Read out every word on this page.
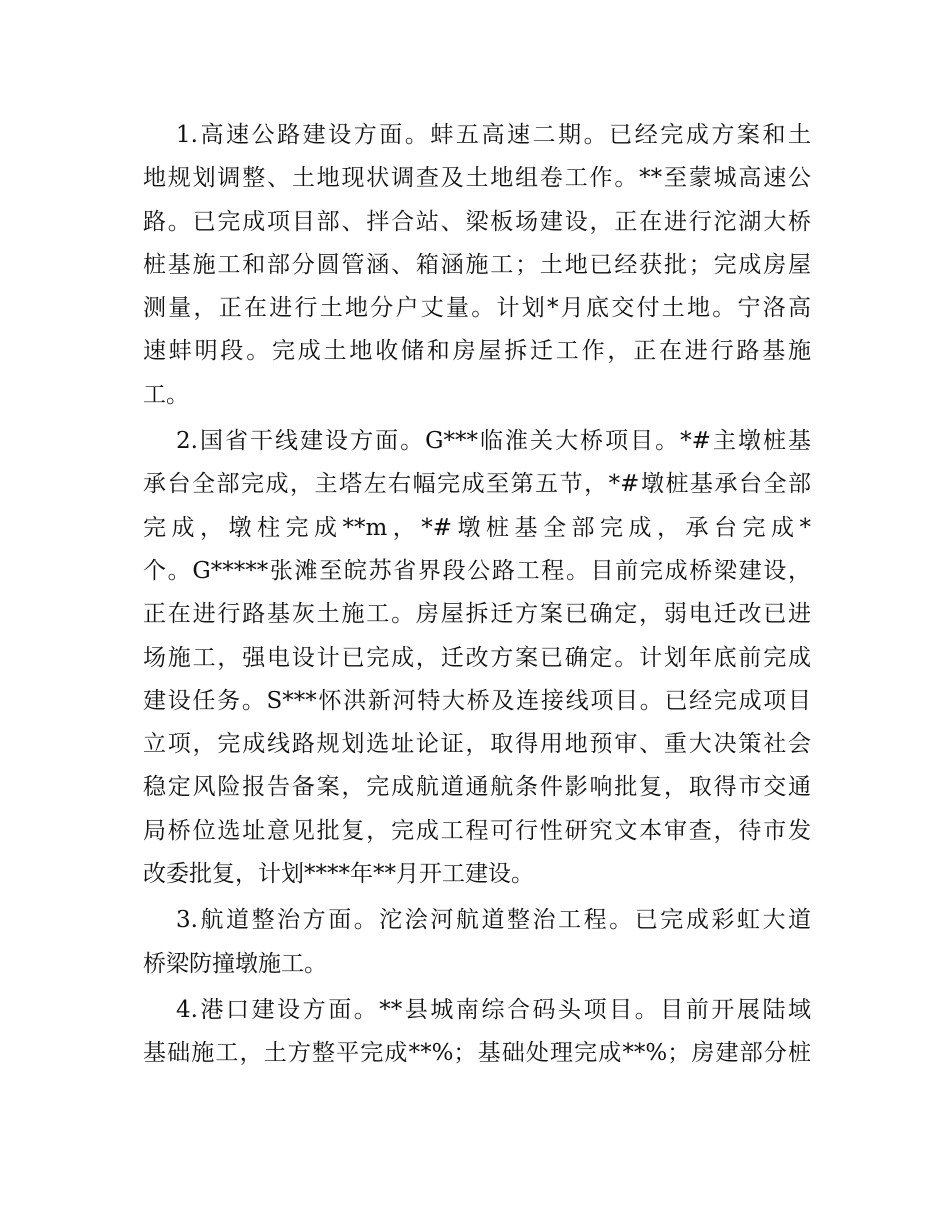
1.高速公路建设方面。蚌五高速二期。已经完成方案和土
地规划调整、土地现状调查及土地组卷工作。**至蒙城高速公
路。已完成项目部、拌合站、梁板场建设，正在进行沱湖大桥
桩基施工和部分圆管涵、箱涵施工；土地已经获批；完成房屋
测量，正在进行土地分户丈量。计划*月底交付土地。宁洛高
速蚌明段。完成土地收储和房屋拆迁工作，正在进行路基施
工。
2.国省干线建设方面。G***临淮关大桥项目。*#主墩桩基
承台全部完成，主塔左右幅完成至第五节，*#墩桩基承台全部
完成，墩柱完成**m，*#墩桩基全部完成，承台完成*
个。G*****张滩至皖苏省界段公路工程。目前完成桥梁建设，
正在进行路基灰土施工。房屋拆迁方案已确定，弱电迁改已进
场施工，强电设计已完成，迁改方案已确定。计划年底前完成
建设任务。S***怀洪新河特大桥及连接线项目。已经完成项目
立项，完成线路规划选址论证，取得用地预审、重大决策社会
稳定风险报告备案，完成航道通航条件影响批复，取得市交通
局桥位选址意见批复，完成工程可行性研究文本审查，待市发
改委批复，计划****年**月开工建设。
3.航道整治方面。沱浍河航道整治工程。已完成彩虹大道
桥梁防撞墩施工。
4.港口建设方面。**县城南综合码头项目。目前开展陆域
基础施工，土方整平完成**%；基础处理完成**%；房建部分桩
